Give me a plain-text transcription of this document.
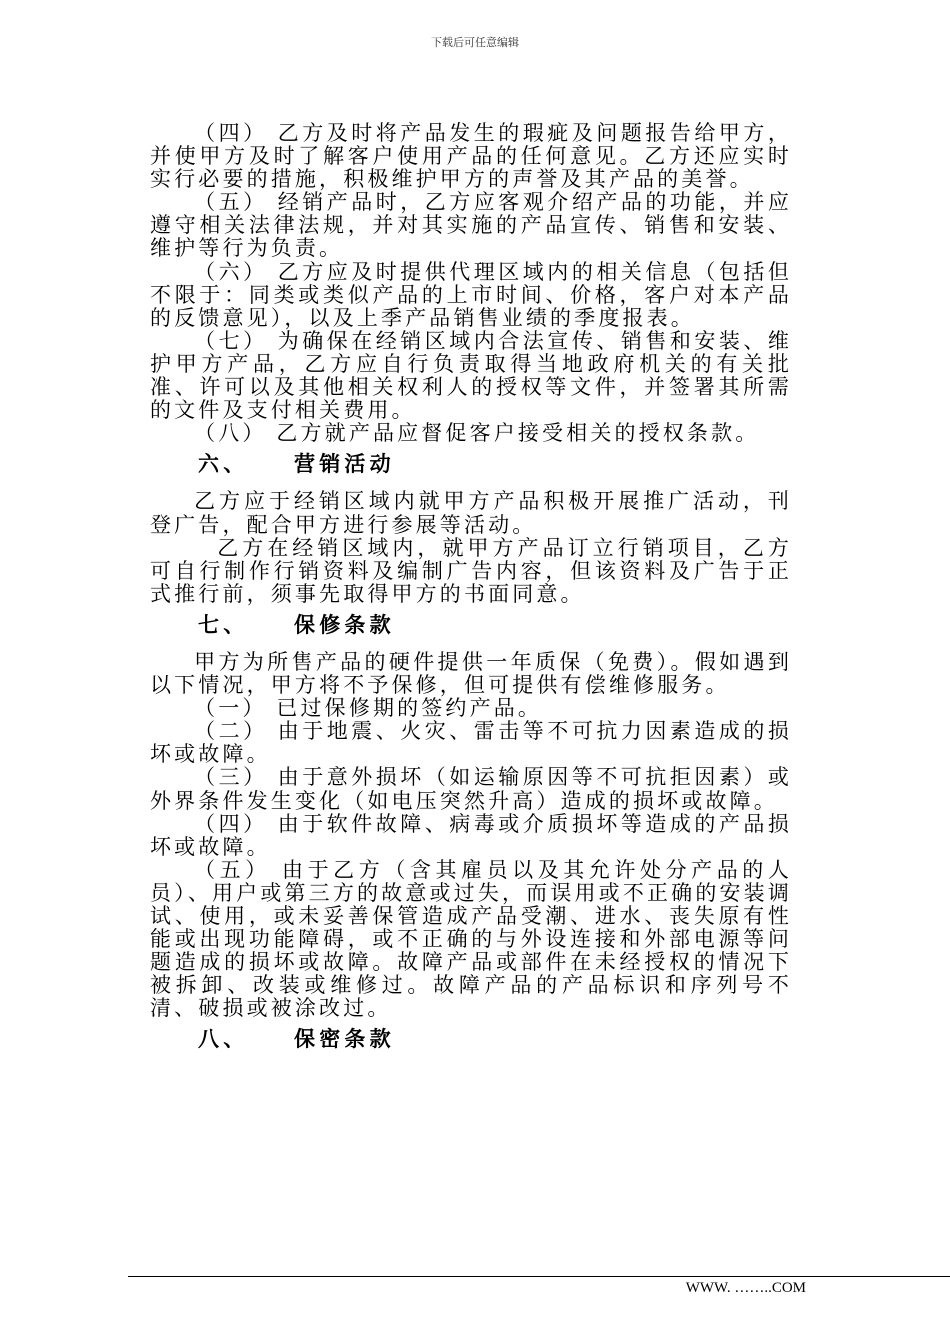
下载后可任意编辑

（四） 乙方及时将产品发生的瑕疵及问题报告给甲方，并使甲方及时了解客户使用产品的任何意见。乙方还应实时实行必要的措施，积极维护甲方的声誉及其产品的美誉。

（五） 经销产品时，乙方应客观介绍产品的功能，并应遵守相关法律法规，并对其实施的产品宣传、销售和安装、维护等行为负责。

（六） 乙方应及时提供代理区域内的相关信息（包括但不限于：同类或类似产品的上市时间、价格，客户对本产品的反馈意见），以及上季产品销售业绩的季度报表。

（七） 为确保在经销区域内合法宣传、销售和安装、维护甲方产品，乙方应自行负责取得当地政府机关的有关批准、许可以及其他相关权利人的授权等文件，并签署其所需的文件及支付相关费用。

（八） 乙方就产品应督促客户接受相关的授权条款。

六、 营销活动

乙方应于经销区域内就甲方产品积极开展推广活动，刊登广告，配合甲方进行参展等活动。

乙方在经销区域内，就甲方产品订立行销项目，乙方可自行制作行销资料及编制广告内容，但该资料及广告于正式推行前，须事先取得甲方的书面同意。

七、 保修条款

甲方为所售产品的硬件提供一年质保（免费）。假如遇到以下情况，甲方将不予保修，但可提供有偿维修服务。

（一） 已过保修期的签约产品。

（二） 由于地震、火灾、雷击等不可抗力因素造成的损坏或故障。

（三） 由于意外损坏（如运输原因等不可抗拒因素）或外界条件发生变化（如电压突然升高）造成的损坏或故障。

（四） 由于软件故障、病毒或介质损坏等造成的产品损坏或故障。

（五） 由于乙方（含其雇员以及其允许处分产品的人员）、用户或第三方的故意或过失，而误用或不正确的安装调试、使用，或未妥善保管造成产品受潮、进水、丧失原有性能或出现功能障碍，或不正确的与外设连接和外部电源等问题造成的损坏或故障。故障产品或部件在未经授权的情况下被拆卸、改装或维修过。故障产品的产品标识和序列号不清、破损或被涂改过。

八、 保密条款
WWW. ……..COM
